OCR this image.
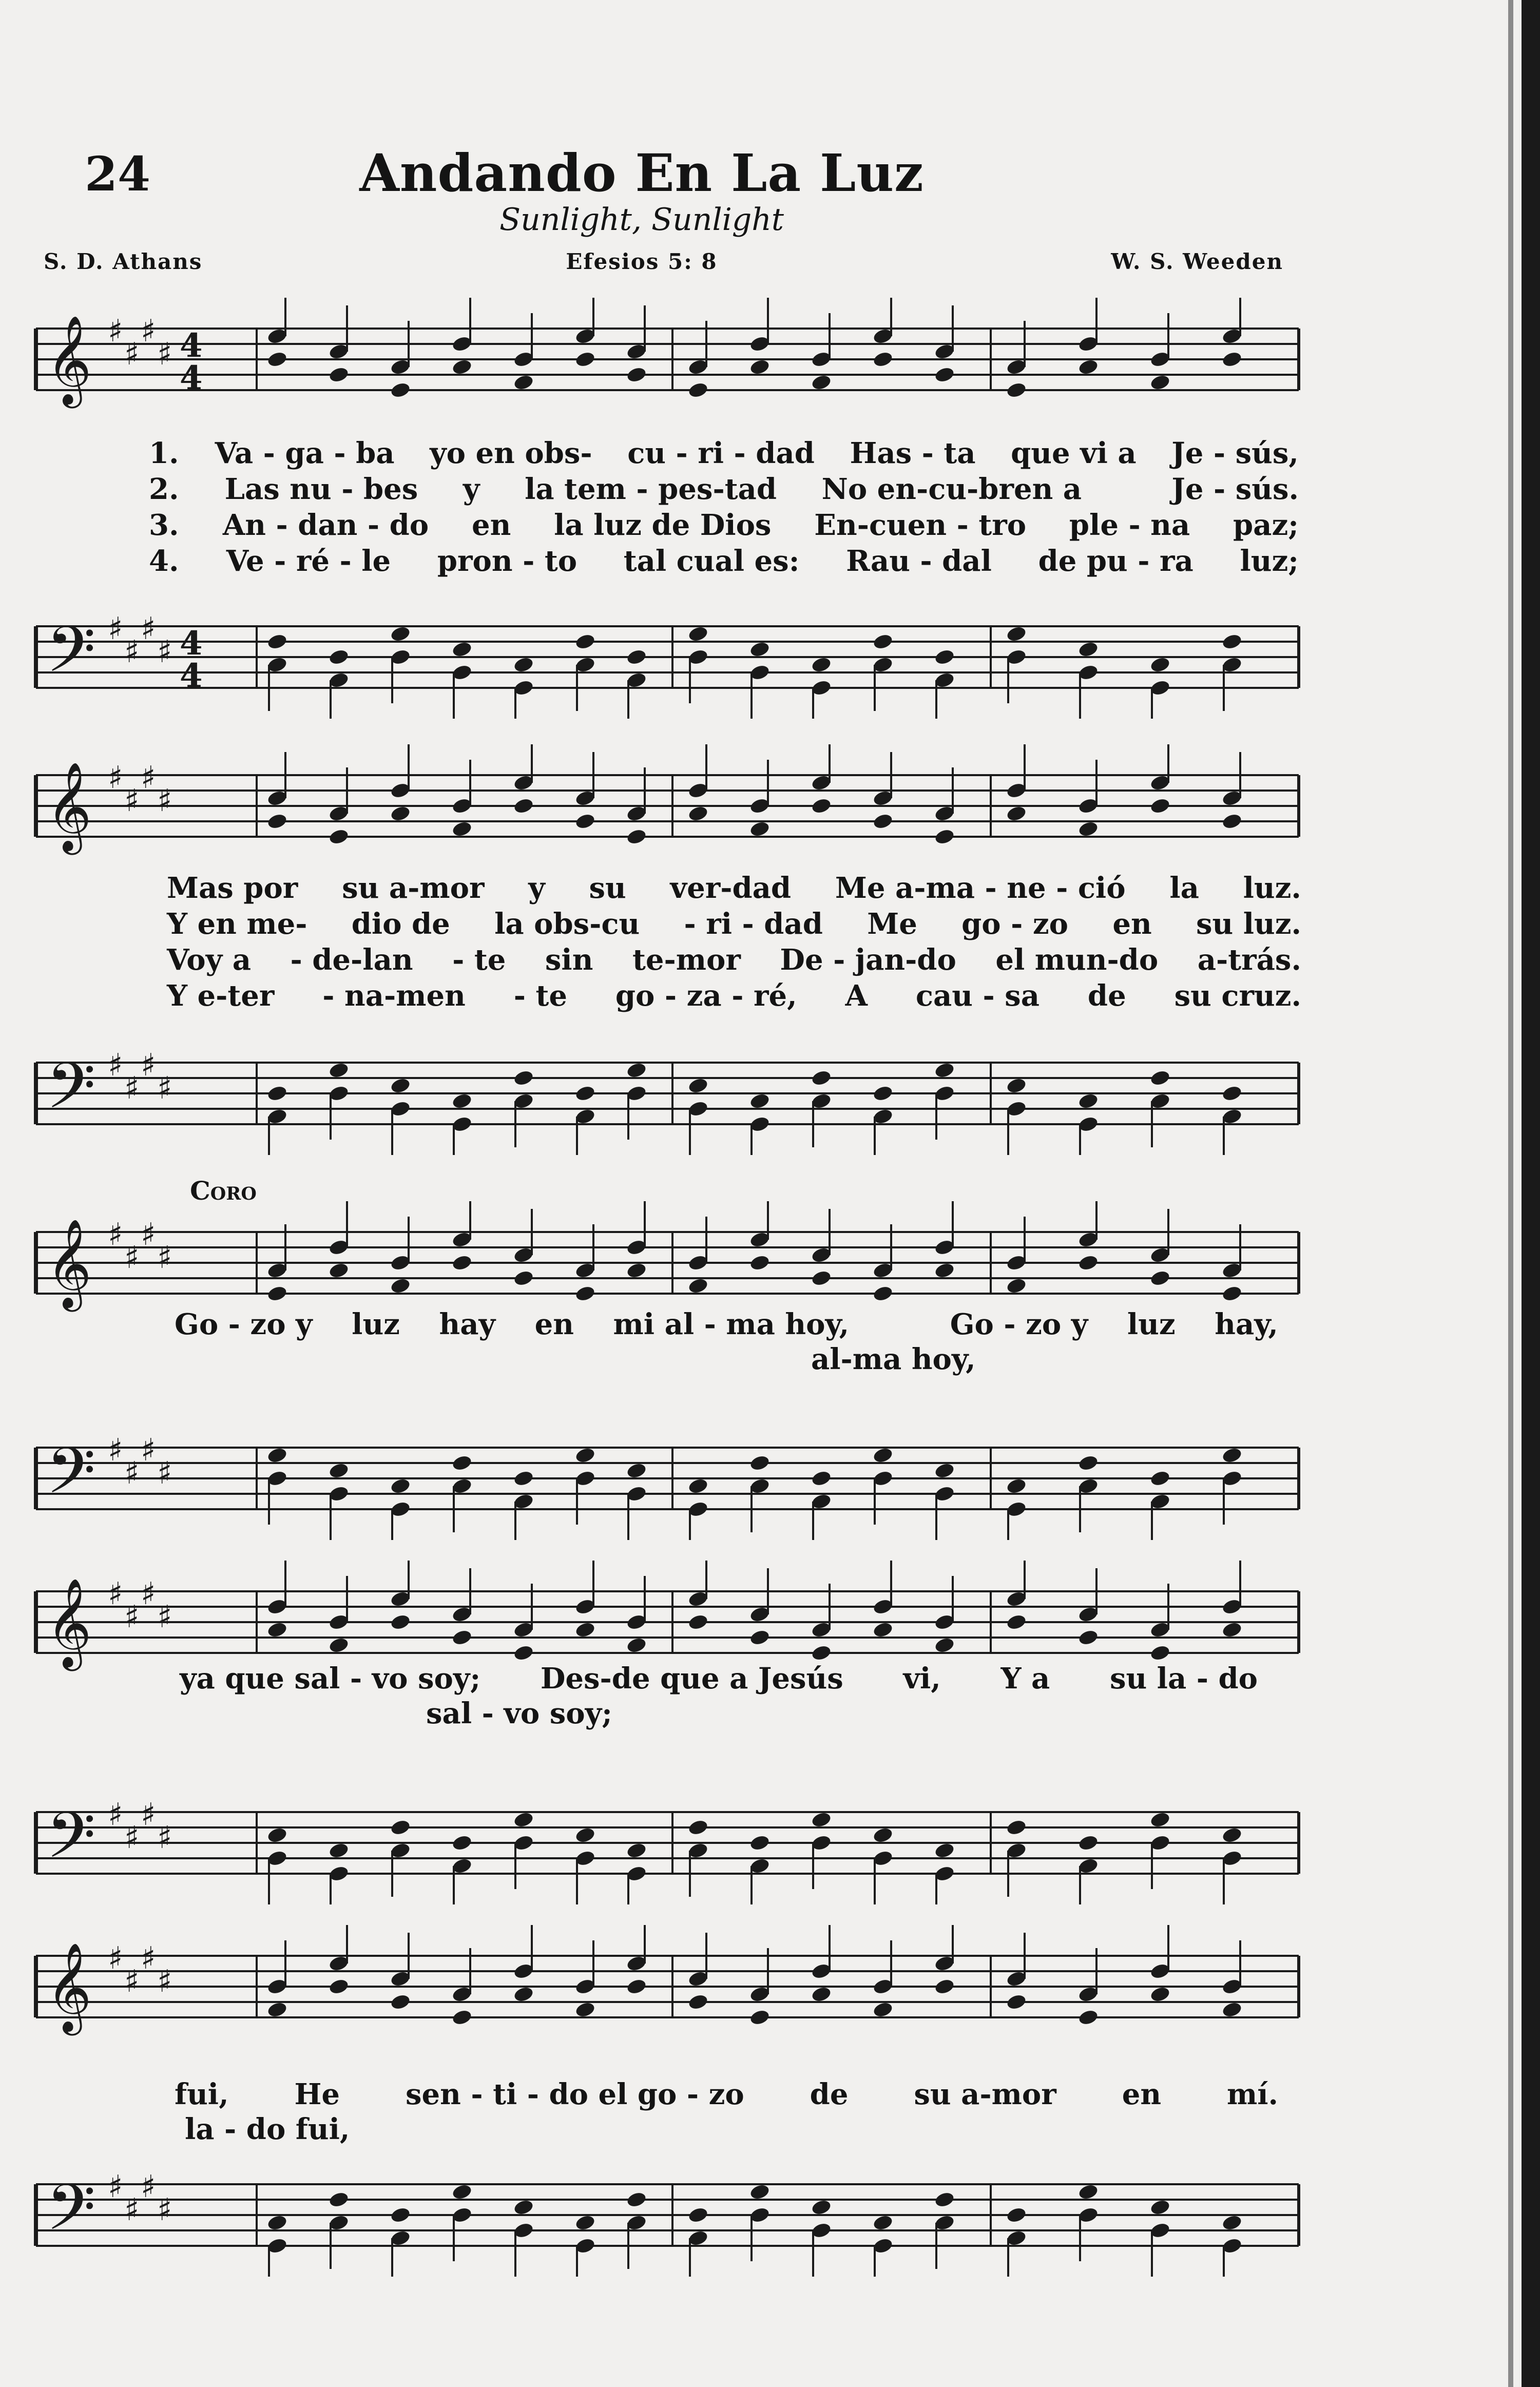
24	Andando En La Luz
Sunlight, Sunlight
S. D. Athans	Efesios 5: 8	W. S. Weeden
𝄞 ♯
♯
♯
♯ 4
4
1. Va - ga - ba yo en obs- cu - ri - dad Has - ta que vi a Je - sús,
2. Las nu - bes y la tem - pes-tad No en-cu-bren a	Je - sús.
3. An - dan - do en la luz de Dios En-cuen - tro ple - na paz;
4. Ve - ré - le pron - to tal cual es: Rau - dal de pu - ra luz;
𝄢 ♯
♯
♯
♯ 4
4
𝄞 ♯
♯
♯
♯
Mas por su a-mor y su ver-dad Me a-ma - ne - ció la luz.
Y en me- dio de la obs-cu - ri - dad Me go - zo en su luz.
Voy a - de-lan - te sin te-mor De - jan-do el mun-do a-trás.
Y e-ter - na-men - te go - za - ré, A cau - sa de su cruz.
𝄢 ♯
♯
♯
♯
Coro
𝄞 ♯
♯
♯
♯
Go - zo y luz hay en mi al - ma hoy,	Go - zo y luz hay,
al-ma hoy,
𝄢 ♯
♯
♯
♯
𝄞 ♯
♯
♯
♯
ya que sal - vo soy; Des-de que a Jesús vi, Y a su la - do
sal - vo soy;
𝄢 ♯
♯
♯
♯
𝄞 ♯
♯
♯
♯
fui, He sen - ti - do el go - zo de su a-mor en mí.
la - do fui,
𝄢 ♯
♯
♯
♯
